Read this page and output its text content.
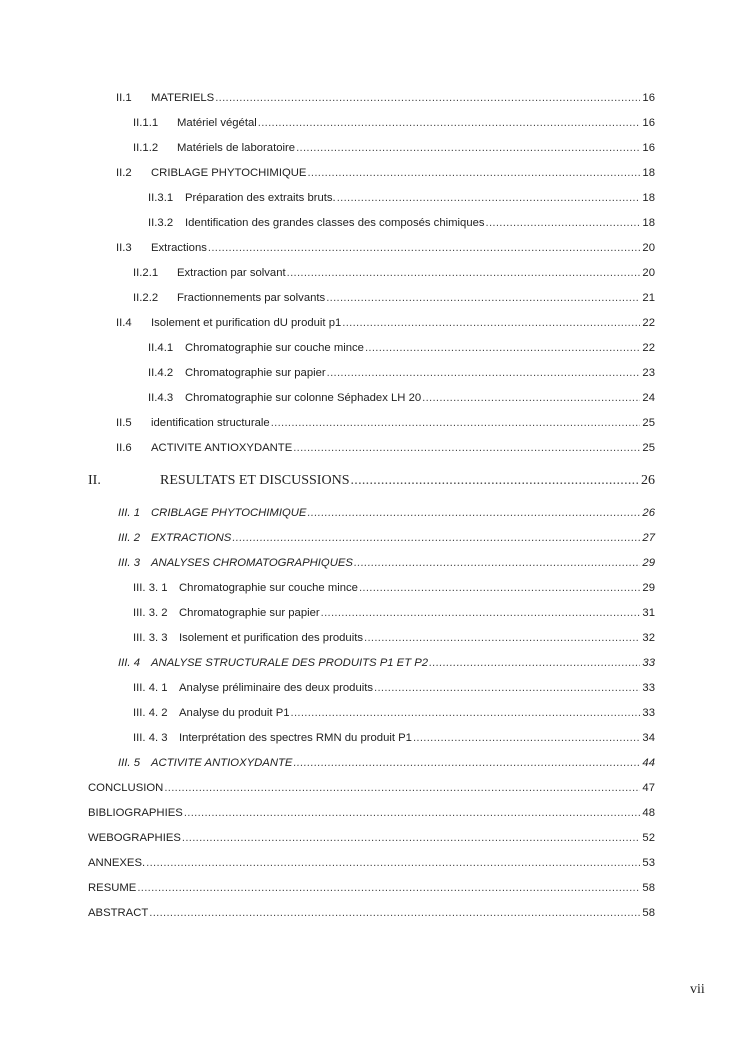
II.1	MATERIELS .....	16
II.1.1	Matériel végétal .....	16
II.1.2	Matériels de laboratoire .....	16
II.2	CRIBLAGE PHYTOCHIMIQUE .....	18
II.3.1	Préparation des extraits bruts. .....	18
II.3.2	Identification des grandes classes des composés chimiques .....	18
II.3	Extractions .....	20
II.2.1	Extraction par solvant .....	20
II.2.2	Fractionnements par solvants .....	21
II.4	Isolement et purification dU produit p1 .....	22
II.4.1	Chromatographie sur couche mince .....	22
II.4.2	Chromatographie sur papier .....	23
II.4.3	Chromatographie sur colonne Séphadex LH 20 .....	24
II.5	identification structurale .....	25
II.6	ACTIVITE ANTIOXYDANTE .....	25
II.	RESULTATS ET DISCUSSIONS .....	26
III. 1 CRIBLAGE PHYTOCHIMIQUE .....	26
III. 2 EXTRACTIONS .....	27
III. 3 ANALYSES CHROMATOGRAPHIQUES .....	29
III. 3. 1	Chromatographie sur couche mince .....	29
III. 3. 2	Chromatographie sur papier .....	31
III. 3. 3	Isolement et purification des produits .....	32
III. 4 ANALYSE STRUCTURALE DES PRODUITS P1 ET P2 .....	33
III. 4. 1	Analyse préliminaire des deux produits .....	33
III. 4. 2	Analyse du produit P1 .....	33
III. 4. 3	Interprétation des spectres RMN du produit P1 .....	34
III. 5 ACTIVITE ANTIOXYDANTE .....	44
CONCLUSION .....	47
BIBLIOGRAPHIES .....	48
WEBOGRAPHIES .....	52
ANNEXES. .....	53
RESUME .....	58
ABSTRACT .....	58
vii
